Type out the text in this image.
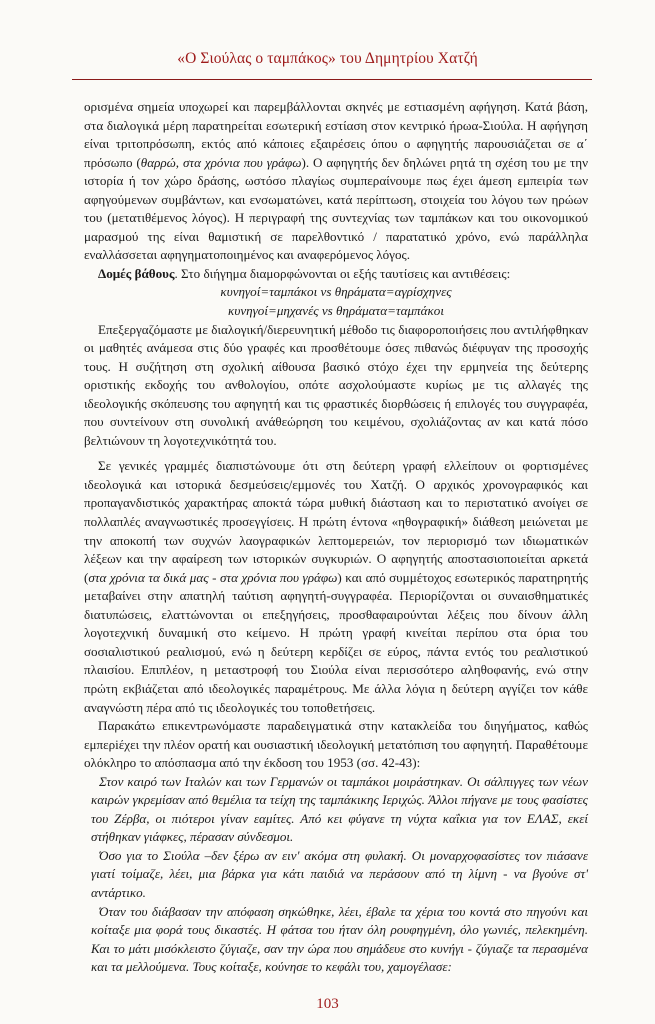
«Ο Σιούλας ο ταμπάκος» του Δημητρίου Χατζή

ορισμένα σημεία υποχωρεί και παρεμβάλλονται σκηνές με εστιασμένη αφήγηση. Κατά βάση, στα διαλογικά μέρη παρατηρείται εσωτερική εστίαση στον κεντρικό ήρωα-Σιούλα. Η αφήγηση είναι τριτοπρόσωπη, εκτός από κάποιες εξαιρέσεις όπου ο αφηγητής παρουσιάζεται σε α΄ πρόσωπο (θαρρώ, στα χρόνια που γράφω). Ο αφηγητής δεν δηλώνει ρητά τη σχέση του με την ιστορία ή τον χώρο δράσης, ωστόσο πλαγίως συμπεραίνουμε πως έχει άμεση εμπειρία των αφηγούμενων συμβάντων, και ενσωματώνει, κατά περίπτωση, στοιχεία του λόγου των ηρώων του (μετατιθέμενος λόγος). Η περιγραφή της συντεχνίας των ταμπάκων και του οικονομικού μαρασμού της είναι θαμιστική σε παρελθοντικό / παρατατικό χρόνο, ενώ παράλληλα εναλλάσσεται αφηγηματοποιημένος και αναφερόμενος λόγος.

Δομές βάθους. Στο διήγημα διαμορφώνονται οι εξής ταυτίσεις και αντιθέσεις:

κυνηγοί=ταμπάκοι vs θηράματα=αγρίσχηνες

κυνηγοί=μηχανές vs θηράματα=ταμπάκοι

Επεξεργαζόμαστε με διαλογική/διερευνητική μέθοδο τις διαφοροποιήσεις που αντιλήφθηκαν οι μαθητές ανάμεσα στις δύο γραφές και προσθέτουμε όσες πιθανώς διέφυγαν της προσοχής τους. Η συζήτηση στη σχολική αίθουσα βασικό στόχο έχει την ερμηνεία της δεύτερης οριστικής εκδοχής του ανθολογίου, οπότε ασχολούμαστε κυρίως με τις αλλαγές της ιδεολογικής σκόπευσης του αφηγητή και τις φραστικές διορθώσεις ή επιλογές του συγγραφέα, που συντείνουν στη συνολική ανάθεώρηση του κειμένου, σχολιάζοντας αν και κατά πόσο βελτιώνουν τη λογοτεχνικότητά του.

Σε γενικές γραμμές διαπιστώνουμε ότι στη δεύτερη γραφή ελλείπουν οι φορτισμένες ιδεολογικά και ιστορικά δεσμεύσεις/εμμονές του Χατζή. Ο αρχικός χρονογραφικός και προπαγανδιστικός χαρακτήρας αποκτά τώρα μυθική διάσταση και το περιστατικό ανοίγει σε πολλαπλές αναγνωστικές προσεγγίσεις. Η πρώτη έντονα «ηθογραφική» διάθεση μειώνεται με την αποκοπή των συχνών λαογραφικών λεπτομερειών, τον περιορισμό των ιδιωματικών λέξεων και την αφαίρεση των ιστορικών συγκυριών. Ο αφηγητής αποστασιοποιείται αρκετά (στα χρόνια τα δικά μας - στα χρόνια που γράφω) και από συμμέτοχος εσωτερικός παρατηρητής μεταβαίνει στην απατηλή ταύτιση αφηγητή-συγγραφέα. Περιορίζονται οι συναισθηματικές διατυπώσεις, ελαττώνονται οι επεξηγήσεις, προσθαφαιρούνται λέξεις που δίνουν άλλη λογοτεχνική δυναμική στο κείμενο. Η πρώτη γραφή κινείται περίπου στα όρια του σοσιαλιστικού ρεαλισμού, ενώ η δεύτερη κερδίζει σε εύρος, πάντα εντός του ρεαλιστικού πλαισίου. Επιπλέον, η μεταστροφή του Σιούλα είναι περισσότερο αληθοφανής, ενώ στην πρώτη εκβιάζεται από ιδεολογικές παραμέτρους. Με άλλα λόγια η δεύτερη αγγίζει τον κάθε αναγνώστη πέρα από τις ιδεολογικές του τοποθετήσεις.

Παρακάτω επικεντρωνόμαστε παραδειγματικά στην κατακλείδα του διηγήματος, καθώς εμπερiέχει την πλέον ορατή και ουσιαστική ιδεολογική μετατόπιση του αφηγητή. Παραθέτουμε ολόκληρο το απόσπασμα από την έκδοση του 1953 (σσ. 42-43):

Στον καιρό των Ιταλών και των Γερμανών οι ταμπάκοι μοιράστηκαν. Οι σάλπιγγες των νέων καιρών γκρεμίσαν από θεμέλια τα τείχη της ταμπάκικης Ιεριχώς. Άλλοι πήγανε με τους φασίστες του Ζέρβα, οι πιότεροι γίναν εαμίτες. Από κει φύγανε τη νύχτα καΐκια για τον ΕΛΑΣ, εκεί στήθηκαν γιάφκες, πέρασαν σύνδεσμοι.

Όσο για το Σιούλα –δεν ξέρω αν ειν' ακόμα στη φυλακή. Οι μοναρχοφασίστες τον πιάσανε γιατί τοίμαζε, λέει, μια βάρκα για κάτι παιδιά να περάσουν από τη λίμνη - να βγούνε στ' αντάρτικο.

Όταν του διάβασαν την απόφαση σηκώθηκε, λέει, έβαλε τα χέρια του κοντά στο πηγούνι και κοίταξε μια φορά τους δικαστές. Η φάτσα του ήταν όλη ρουφηγμένη, όλο γωνιές, πελεκημένη. Και το μάτι μισόκλειστο ζύγιαζε, σαν την ώρα που σημάδευε στο κυνήγι - ζύγιαζε τα περασμένα και τα μελλούμενα. Τους κοίταξε, κούνησε το κεφάλι του, χαμογέλασε:

103
